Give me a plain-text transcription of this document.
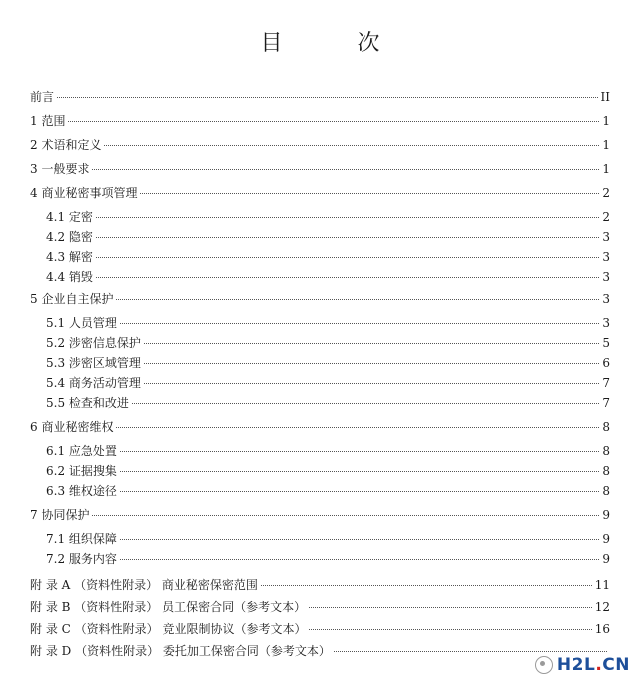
目 次
前言	II
1 范围	1
2 术语和定义	1
3 一般要求	1
4 商业秘密事项管理	2
4.1 定密	2
4.2 隐密	3
4.3 解密	3
4.4 销毁	3
5 企业自主保护	3
5.1 人员管理	3
5.2 涉密信息保护	5
5.3 涉密区域管理	6
5.4 商务活动管理	7
5.5 检查和改进	7
6 商业秘密维权	8
6.1 应急处置	8
6.2 证据搜集	8
6.3 维权途径	8
7 协同保护	9
7.1 组织保障	9
7.2 服务内容	9
附 录 A （资料性附录） 商业秘密保密范围	11
附 录 B （资料性附录） 员工保密合同（参考文本）	12
附 录 C （资料性附录） 竞业限制协议（参考文本）	16
附 录 D （资料性附录） 委托加工保密合同（参考文本）
H2L.CN
